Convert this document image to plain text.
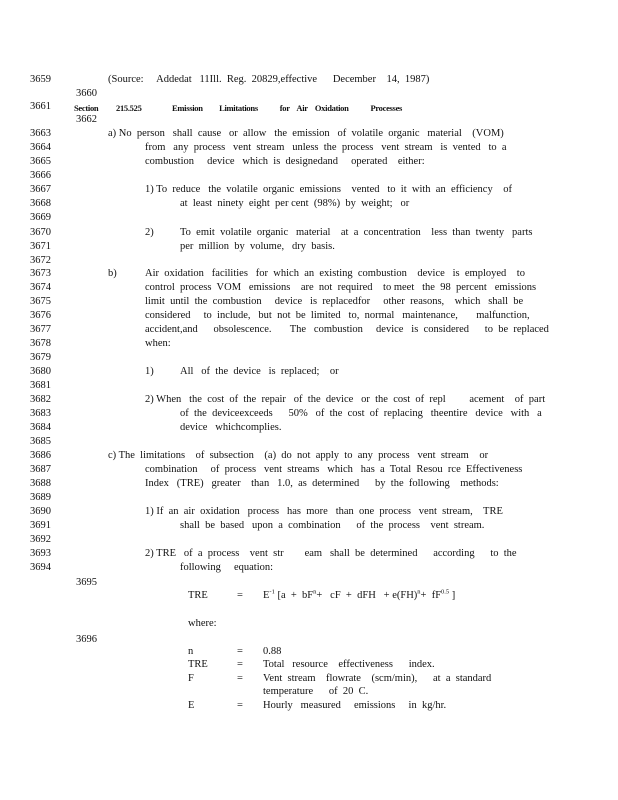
3659
3660
3661
3662
3663
3664
3665
3666
3667
3668
3669
3670
3671
3672
3673
3674
3675
3676
3677
3678
3679
3680
3681
3682
3683
3684
3685
3686
3687
3688
3689
3690
3691
3692
3693
3694
3695
3696
(Source:     Addedat   11Ill.  Reg.  20829,effective      December    14,  1987)
Section 215.525	Emission         Limitations            for    Air    Oxidation            Processes
a) No  person   shall  cause   or  allow   the  emission   of  volatile  organic   material    (VOM)
from   any  process   vent  stream   unless  the  process   vent  stream   is  vented   to  a
combustion     device   which  is  designedand     operated    either:
1) To  reduce   the  volatile  organic  emissions    vented   to  it  with  an  efficiency    of
at  least  ninety  eight  per cent  (98%)  by  weight;   or
2)	To  emit  volatile  organic   material    at  a  concentration    less  than  twenty   parts
per  million  by  volume,   dry  basis.
b)	Air  oxidation   facilities   for  which  an  existing  combustion    device   is  employed    to
control  process  VOM   emissions    are  not  required    to meet   the  98  percent   emissions
limit  until  the  combustion     device   is  replacedfor     other  reasons,    which   shall  be
considered     to  include,   but  not  be  limited   to,  normal   maintenance,       malfunction,
accident,and      obsolescence.       The   combustion     device   is  considered      to  be  replaced
when:
1)	All   of  the  device   is  replaced;    or
2) When   the  cost  of  the  repair   of  the  device   or  the  cost  of  repl         acement    of  part
of  the  deviceexceeds      50%   of  the  cost  of  replacing   theentire   device   with   a
device   whichcomplies.
c) The  limitations    of  subsection    (a)  do  not  apply  to  any  process   vent  stream    or
combination     of  process   vent  streams   which   has  a  Total  Resou  rce  Effectiveness
Index   (TRE)   greater    than   1.0,  as  determined      by  the  following    methods:
1) If  an  air  oxidation   process   has  more   than  one  process   vent  stream,    TRE
shall  be  based   upon  a  combination      of  the  process    vent  stream.
2) TRE   of  a  process    vent  str        eam   shall  be  determined      according      to  the
following     equation:
TRE	= $E^{-1}$ [$a + bF^n+$   cF  +  dFH   + $e(FH)^n+ fF^{0.5}$ ]
where:
n	= 0.88
TRE	= Total   resource    effectiveness      index.
F	= Vent  stream    flowrate    (scm/min),      at  a  standard
temperature      of  20  C.
E	= Hourly   measured     emissions     in  kg/hr.
